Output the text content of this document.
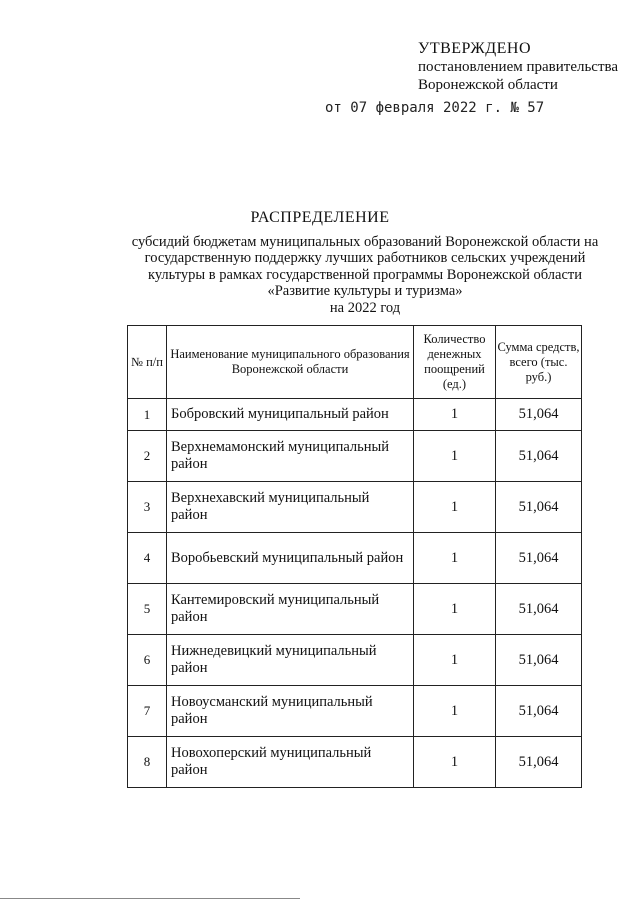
УТВЕРЖДЕНО
постановлением правительства
Воронежской области
от 07 февраля 2022 г. № 57
РАСПРЕДЕЛЕНИЕ
субсидий бюджетам муниципальных образований Воронежской области на
государственную поддержку лучших работников сельских учреждений
культуры в рамках государственной программы Воронежской области
«Развитие культуры и туризма»
на 2022 год
№ п/п	Наименование муниципального образования Воронежской области	Количество денежных поощрений (ед.)	Сумма средств, всего (тыс. руб.)
1	Бобровский муниципальный район	1	51,064
2	Верхнемамонский муниципальный район	1	51,064
3	Верхнехавский муниципальный район	1	51,064
4	Воробьевский муниципальный район	1	51,064
5	Кантемировский муниципальный район	1	51,064
6	Нижнедевицкий муниципальный район	1	51,064
7	Новоусманский муниципальный район	1	51,064
8	Новохоперский муниципальный район	1	51,064
